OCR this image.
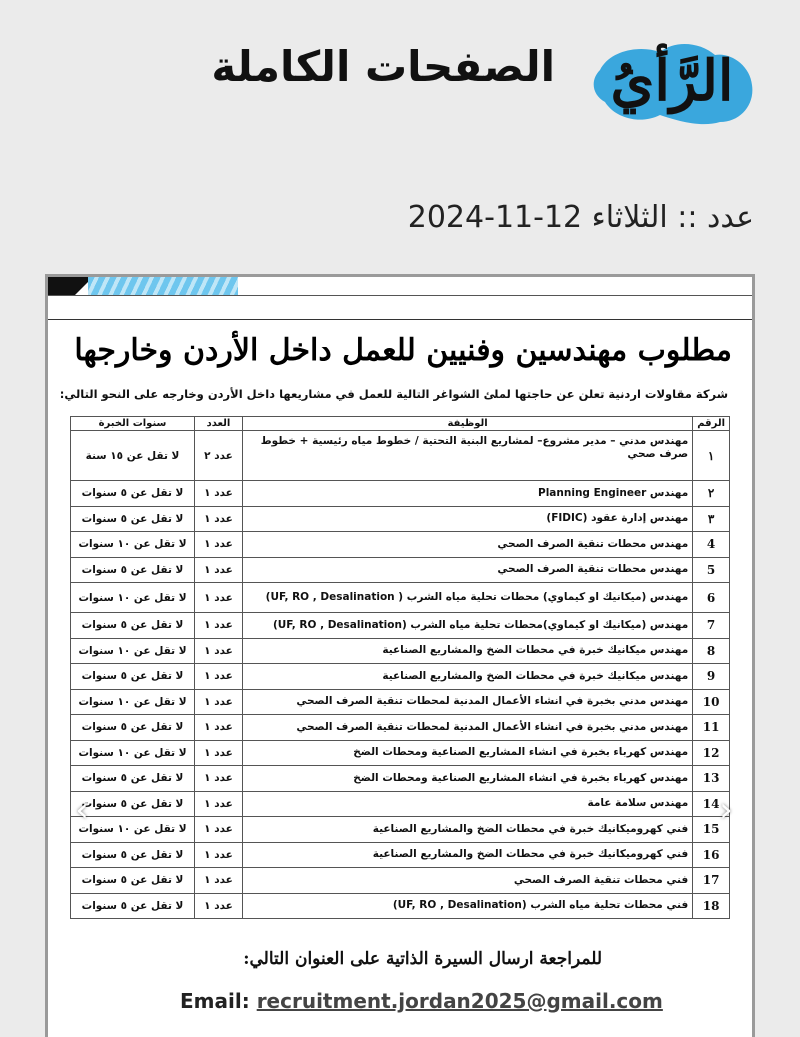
الرَّأيُ
الصفحات الكاملة
عدد :: الثلاثاء 12-11-2024
مطلوب مهندسين وفنيين للعمل داخل الأردن وخارجها
شركة مقاولات اردنية تعلن عن حاجتها لملئ الشواغر التالية للعمل في مشاريعها داخل الأردن وخارجه على النحو التالي:
الرقم	الوظيفة	العدد	سنوات الخبرة
١	مهندس مدني – مدير مشروع– لمشاريع البنية التحتية / خطوط مياه رئيسية + خطوط صرف صحي	عدد ٢	لا تقل عن ١٥ سنة
٢	مهندس Planning Engineer	عدد ١	لا تقل عن ٥ سنوات
٣	مهندس إدارة عقود (FIDIC)	عدد ١	لا تقل عن ٥ سنوات
4	مهندس محطات تنقية الصرف الصحي	عدد ١	لا تقل عن ١٠ سنوات
5	مهندس محطات تنقية الصرف الصحي	عدد ١	لا تقل عن ٥ سنوات
6	مهندس (ميكانيك او كيماوي) محطات تحلية مياه الشرب ( UF, RO , Desalination)	عدد ١	لا تقل عن ١٠ سنوات
7	مهندس (ميكانيك او كيماوي)محطات تحلية مياه الشرب (UF, RO , Desalination)	عدد ١	لا تقل عن ٥ سنوات
8	مهندس ميكانيك خبرة في محطات الضخ والمشاريع الصناعية	عدد ١	لا تقل عن ١٠ سنوات
9	مهندس ميكانيك خبرة في محطات الضخ والمشاريع الصناعية	عدد ١	لا تقل عن ٥ سنوات
10	مهندس مدني بخبرة في انشاء الأعمال المدنية لمحطات تنقية الصرف الصحي	عدد ١	لا تقل عن ١٠ سنوات
11	مهندس مدني بخبرة في انشاء الأعمال المدنية لمحطات تنقية الصرف الصحي	عدد ١	لا تقل عن ٥ سنوات
12	مهندس كهرباء بخبرة في انشاء المشاريع الصناعية ومحطات الضخ	عدد ١	لا تقل عن ١٠ سنوات
13	مهندس كهرباء بخبرة في انشاء المشاريع الصناعية ومحطات الضخ	عدد ١	لا تقل عن ٥ سنوات
14	مهندس سلامة عامة	عدد ١	لا تقل عن ٥ سنوات
15	فني كهروميكانيك خبرة في محطات الضخ والمشاريع الصناعية	عدد ١	لا تقل عن ١٠ سنوات
16	فني كهروميكانيك خبرة في محطات الضخ والمشاريع الصناعية	عدد ١	لا تقل عن ٥ سنوات
17	فني محطات تنقية الصرف الصحي	عدد ١	لا تقل عن ٥ سنوات
18	فني محطات تحلية مياه الشرب (UF, RO , Desalination)	عدد ١	لا تقل عن ٥ سنوات
للمراجعة ارسال السيرة الذاتية على العنوان التالي:
Email: recruitment.jordan2025@gmail.com
‹	›
